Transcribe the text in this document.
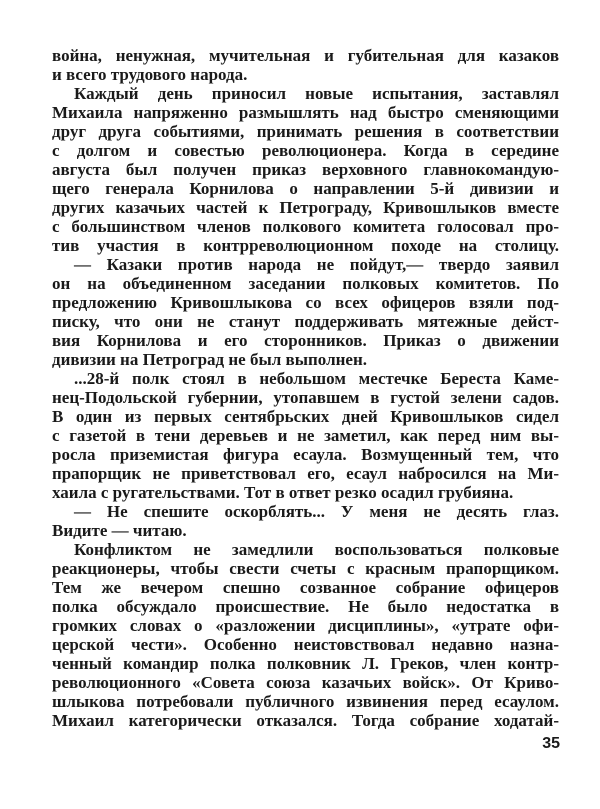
война, ненужная, мучительная и губительная для казаков
и всего трудового народа.
Каждый день приносил новые испытания, заставлял
Михаила напряженно размышлять над быстро сменяющими
друг друга событиями, принимать решения в соответствии
с долгом и совестью революционера. Когда в середине
августа был получен приказ верховного главнокомандую-
щего генерала Корнилова о направлении 5-й дивизии и
других казачьих частей к Петрограду, Кривошлыков вместе
с большинством членов полкового комитета голосовал про-
тив участия в контрреволюционном походе на столицу.
— Казаки против народа не пойдут,— твердо заявил
он на объединенном заседании полковых комитетов. По
предложению Кривошлыкова со всех офицеров взяли под-
писку, что они не станут поддерживать мятежные дейст-
вия Корнилова и его сторонников. Приказ о движении
дивизии на Петроград не был выполнен.
...28-й полк стоял в небольшом местечке Береста Каме-
нец-Подольской губернии, утопавшем в густой зелени садов.
В один из первых сентябрьских дней Кривошлыков сидел
с газетой в тени деревьев и не заметил, как перед ним вы-
росла приземистая фигура есаула. Возмущенный тем, что
прапорщик не приветствовал его, есаул набросился на Ми-
хаила с ругательствами. Тот в ответ резко осадил грубияна.
— Не спешите оскорблять... У меня не десять глаз.
Видите — читаю.
Конфликтом не замедлили воспользоваться полковые
реакционеры, чтобы свести счеты с красным прапорщиком.
Тем же вечером спешно созванное собрание офицеров
полка обсуждало происшествие. Не было недостатка в
громких словах о «разложении дисциплины», «утрате офи-
церской чести». Особенно неистовствовал недавно назна-
ченный командир полка полковник Л. Греков, член контр-
революционного «Совета союза казачьих войск». От Криво-
шлыкова потребовали публичного извинения перед есаулом.
Михаил категорически отказался. Тогда собрание ходатай-
35
